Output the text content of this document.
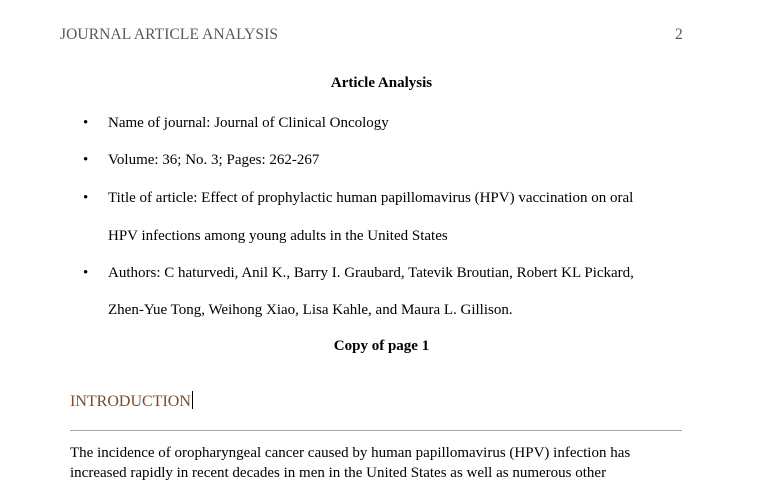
JOURNAL ARTICLE ANALYSIS	2
Article Analysis
• Name of journal: Journal of Clinical Oncology
• Volume: 36; No. 3; Pages: 262-267
• Title of article: Effect of prophylactic human papillomavirus (HPV) vaccination on oral
HPV infections among young adults in the United States
• Authors: C haturvedi, Anil K., Barry I. Graubard, Tatevik Broutian, Robert KL Pickard,
Zhen-Yue Tong, Weihong Xiao, Lisa Kahle, and Maura L. Gillison.
Copy of page 1
INTRODUCTION
The incidence of oropharyngeal cancer caused by human papillomavirus (HPV) infection has
increased rapidly in recent decades in men in the United States as well as numerous other
